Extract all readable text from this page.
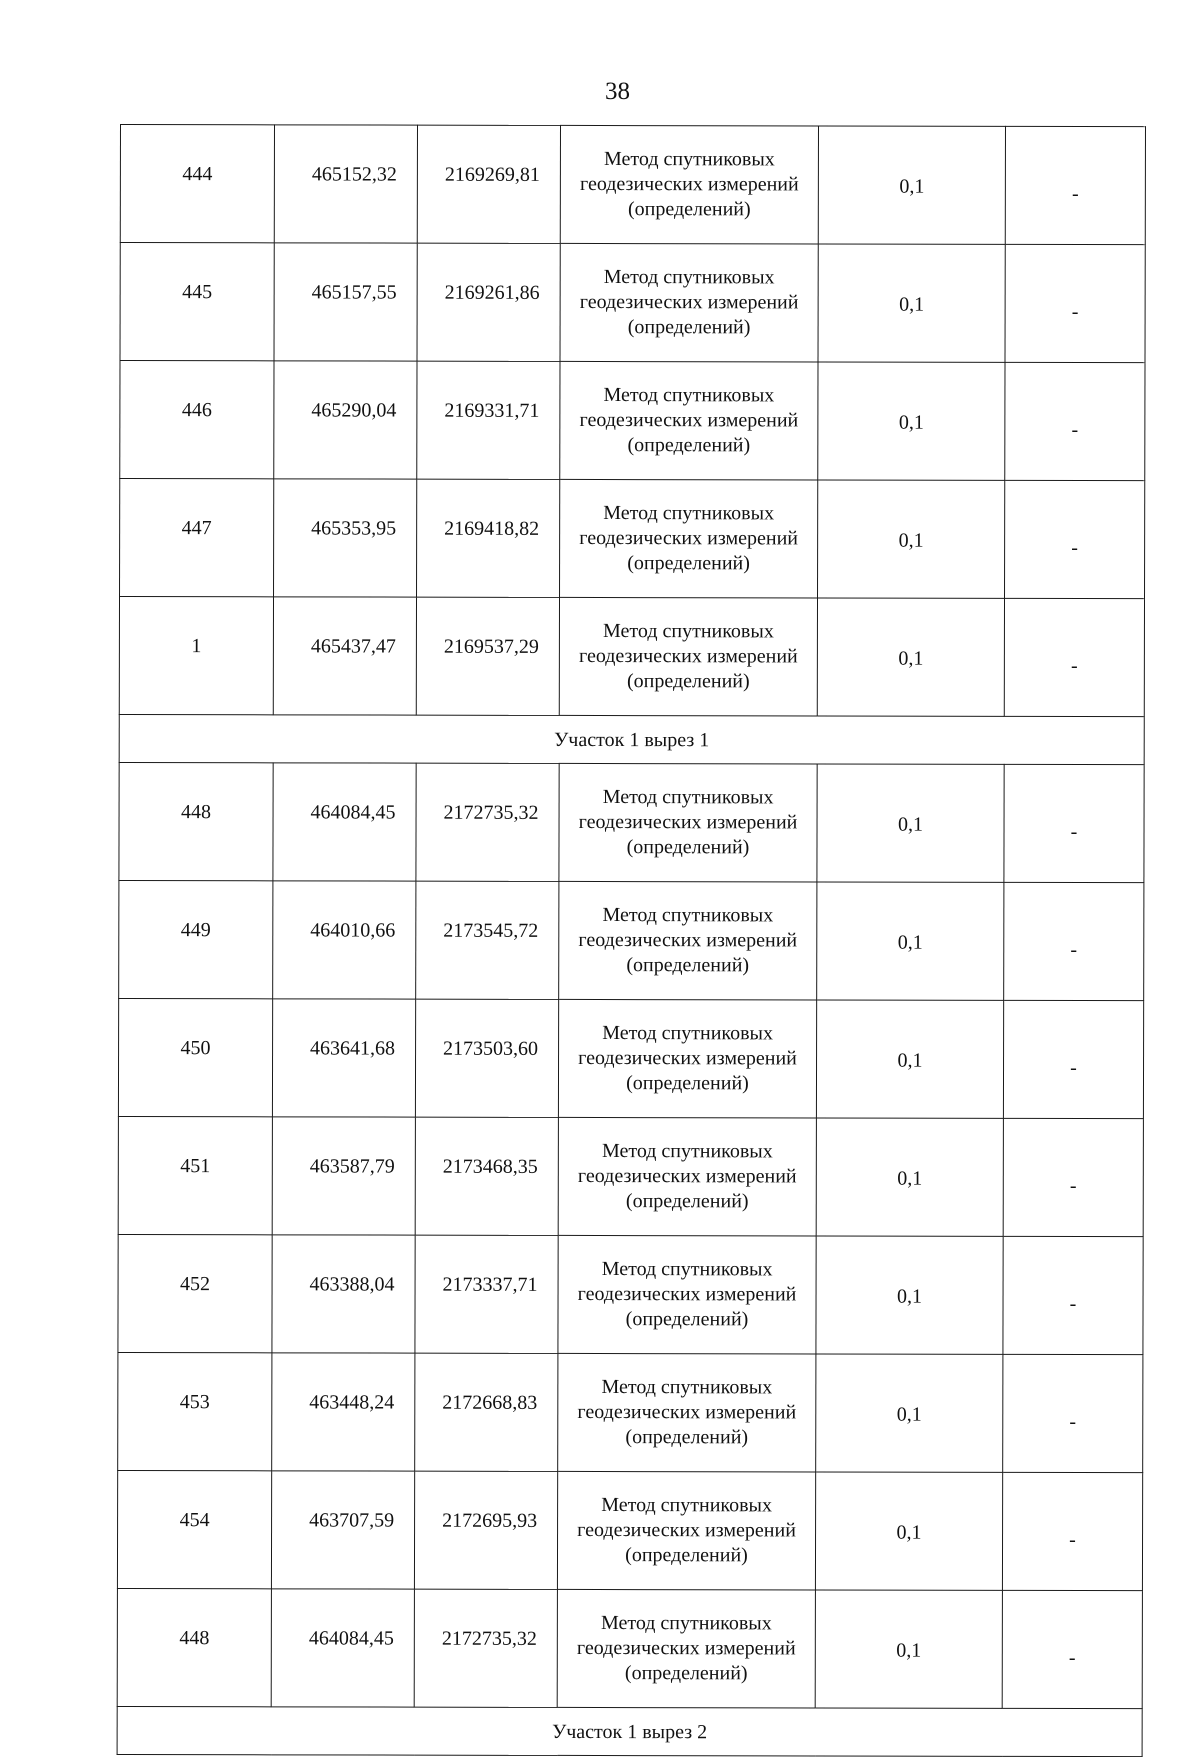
38
444	465152,32	2169269,81	Метод спутниковых
геодезических измерений
(определений)	0,1	-
445	465157,55	2169261,86	Метод спутниковых
геодезических измерений
(определений)	0,1	-
446	465290,04	2169331,71	Метод спутниковых
геодезических измерений
(определений)	0,1	-
447	465353,95	2169418,82	Метод спутниковых
геодезических измерений
(определений)	0,1	-
1	465437,47	2169537,29	Метод спутниковых
геодезических измерений
(определений)	0,1	-
Участок 1 вырез 1					
448	464084,45	2172735,32	Метод спутниковых
геодезических измерений
(определений)	0,1	-
449	464010,66	2173545,72	Метод спутниковых
геодезических измерений
(определений)	0,1	-
450	463641,68	2173503,60	Метод спутниковых
геодезических измерений
(определений)	0,1	-
451	463587,79	2173468,35	Метод спутниковых
геодезических измерений
(определений)	0,1	-
452	463388,04	2173337,71	Метод спутниковых
геодезических измерений
(определений)	0,1	-
453	463448,24	2172668,83	Метод спутниковых
геодезических измерений
(определений)	0,1	-
454	463707,59	2172695,93	Метод спутниковых
геодезических измерений
(определений)	0,1	-
448	464084,45	2172735,32	Метод спутниковых
геодезических измерений
(определений)	0,1	-
Участок 1 вырез 2					
